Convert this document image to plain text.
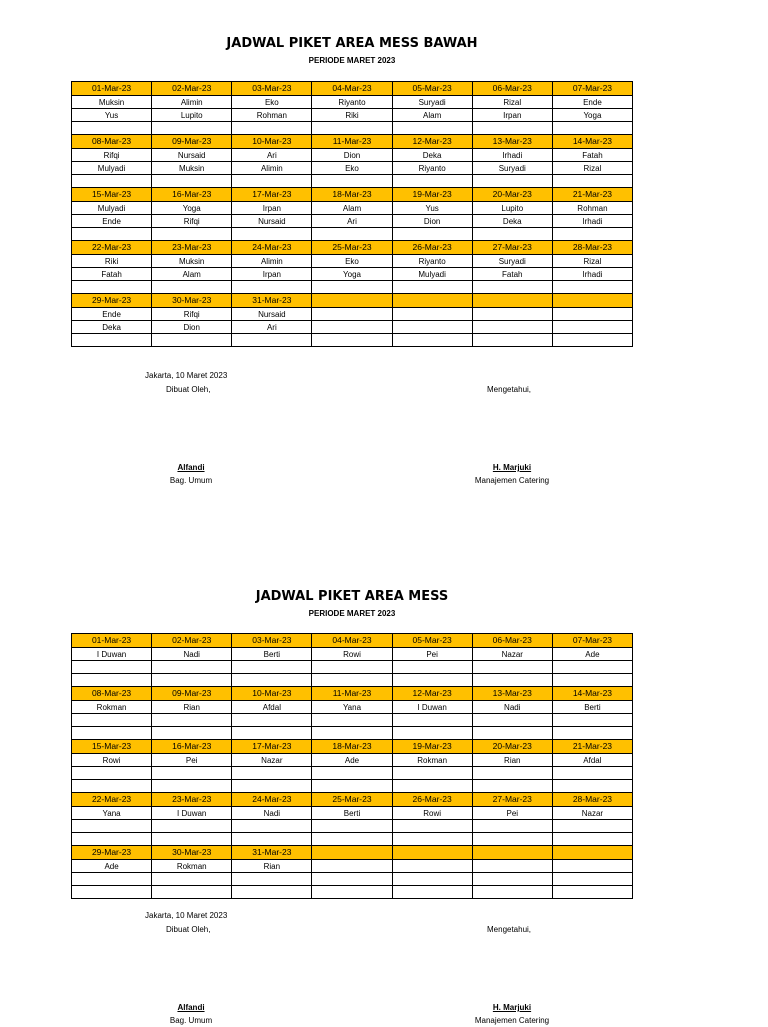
JADWAL PIKET AREA MESS BAWAH
PERIODE MARET 2023
01-Mar-23	02-Mar-23	03-Mar-23	04-Mar-23	05-Mar-23	06-Mar-23	07-Mar-23
Muksin	Alimin	Eko	Riyanto	Suryadi	Rizal	Ende
Yus	Lupito	Rohman	Riki	Alam	Irpan	Yoga

08-Mar-23	09-Mar-23	10-Mar-23	11-Mar-23	12-Mar-23	13-Mar-23	14-Mar-23
Rifqi	Nursaid	Ari	Dion	Deka	Irhadi	Fatah
Mulyadi	Muksin	Alimin	Eko	Riyanto	Suryadi	Rizal

15-Mar-23	16-Mar-23	17-Mar-23	18-Mar-23	19-Mar-23	20-Mar-23	21-Mar-23
Mulyadi	Yoga	Irpan	Alam	Yus	Lupito	Rohman
Ende	Rifqi	Nursaid	Ari	Dion	Deka	Irhadi

22-Mar-23	23-Mar-23	24-Mar-23	25-Mar-23	26-Mar-23	27-Mar-23	28-Mar-23
Riki	Muksin	Alimin	Eko	Riyanto	Suryadi	Rizal
Fatah	Alam	Irpan	Yoga	Mulyadi	Fatah	Irhadi

29-Mar-23	30-Mar-23	31-Mar-23				
Ende	Rifqi	Nursaid				
Deka	Dion	Ari				

Jakarta, 10 Maret 2023
Dibuat Oleh,	Mengetahui,
Alfandi
Bag. Umum
H. Marjuki
Manajemen Catering
JADWAL PIKET AREA MESS
PERIODE MARET 2023
01-Mar-23	02-Mar-23	03-Mar-23	04-Mar-23	05-Mar-23	06-Mar-23	07-Mar-23
I Duwan	Nadi	Berti	Rowi	Pei	Nazar	Ade

08-Mar-23	09-Mar-23	10-Mar-23	11-Mar-23	12-Mar-23	13-Mar-23	14-Mar-23
Rokman	Rian	Afdal	Yana	I Duwan	Nadi	Berti

15-Mar-23	16-Mar-23	17-Mar-23	18-Mar-23	19-Mar-23	20-Mar-23	21-Mar-23
Rowi	Pei	Nazar	Ade	Rokman	Rian	Afdal

22-Mar-23	23-Mar-23	24-Mar-23	25-Mar-23	26-Mar-23	27-Mar-23	28-Mar-23
Yana	I Duwan	Nadi	Berti	Rowi	Pei	Nazar

29-Mar-23	30-Mar-23	31-Mar-23				
Ade	Rokman	Rian				

Jakarta, 10 Maret 2023
Dibuat Oleh,	Mengetahui,
Alfandi
Bag. Umum
H. Marjuki
Manajemen Catering
